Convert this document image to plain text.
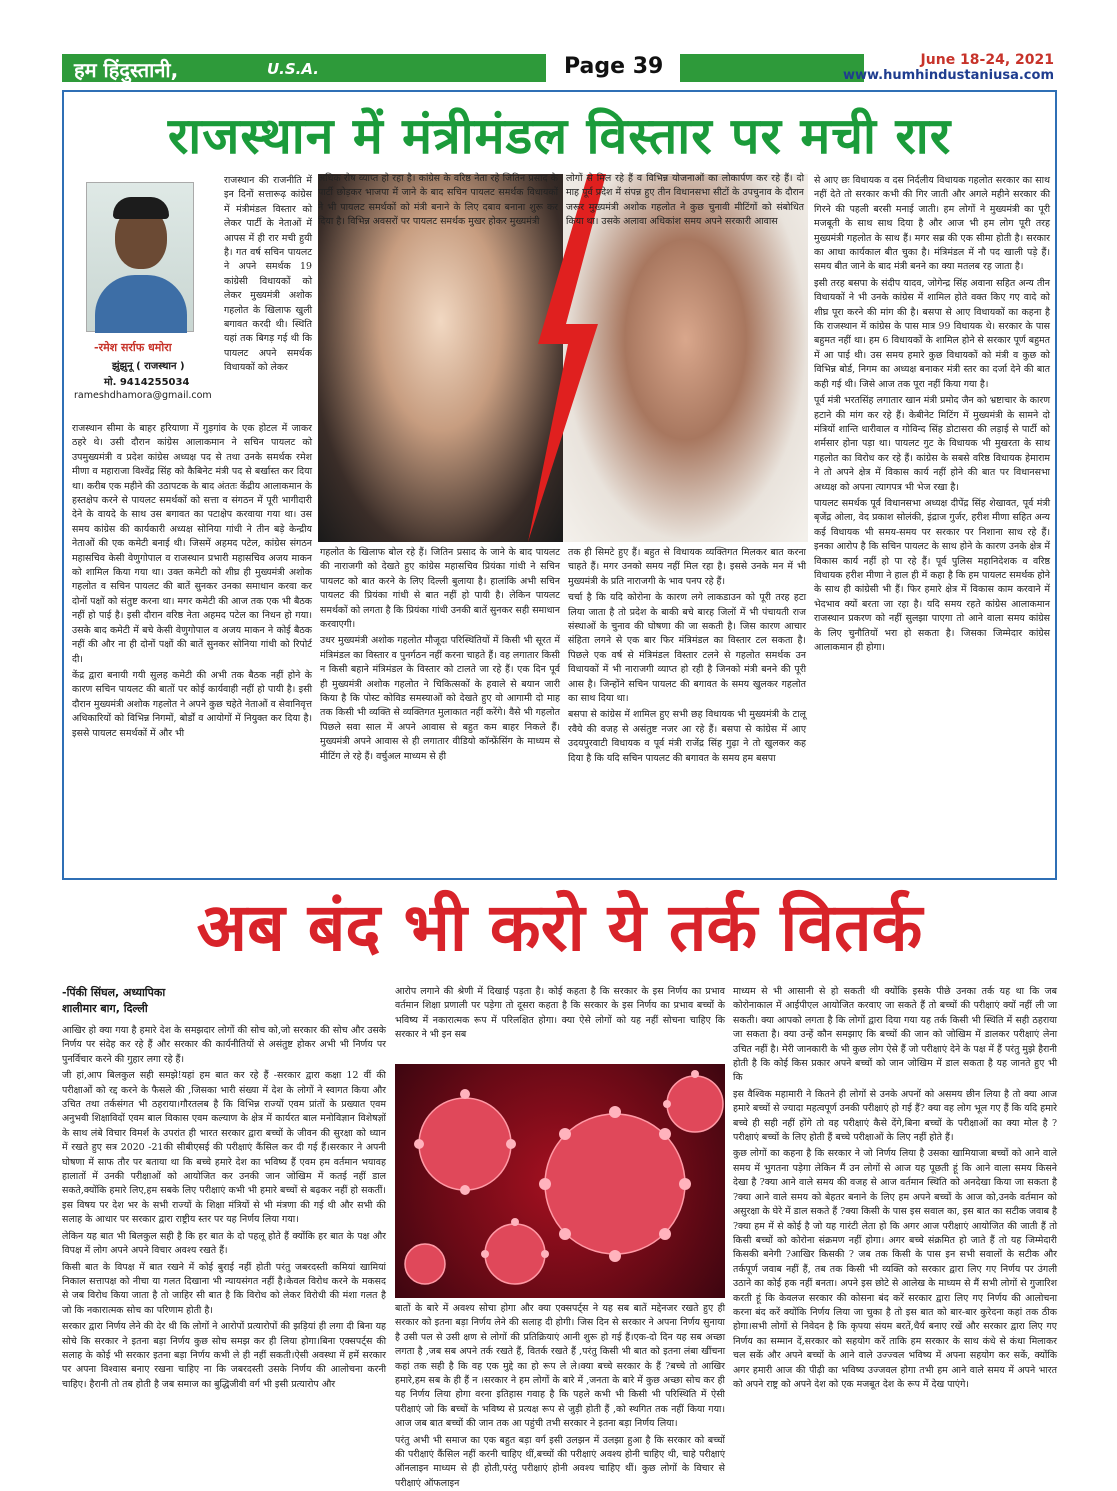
हम हिंदुस्तानी,	U.S.A.	Page 39	June 18-24, 2021
www.humhindustaniusa.com
राजस्थान में मंत्रीमंडल विस्तार पर मची रार
-रमेश सर्राफ धमोरा
झुंझुनू ( राजस्थान )
मो. 9414255034
rameshdhamora@gmail.com

राजस्थान की राजनीति में इन दिनों सत्तारूढ़ कांग्रेस में मंत्रीमंडल विस्तार को लेकर पार्टी के नेताओं में आपस में ही रार मची हुयी है। गत वर्ष सचिन पायलट ने अपने समर्थक 19 कांग्रेसी विधायकों को लेकर मुख्यमंत्री अशोक गहलोत के खिलाफ खुली बगावत करदी थी। स्थिति यहां तक बिगड़ गई थी कि पायलट अपने समर्थक विधायकों को लेकर

राजस्थान सीमा के बाहर हरियाणा में गुड़गांव के एक होटल में जाकर ठहरे थे। उसी दौरान कांग्रेस आलाकमान ने सचिन पायलट को उपमुख्यमंत्री व प्रदेश कांग्रेस अध्यक्ष पद से तथा उनके समर्थक रमेश मीणा व महाराजा विश्वेंद्र सिंह को कैबिनेट मंत्री पद से बर्खास्त कर दिया था। करीब एक महीने की उठापटक के बाद अंततः केंद्रीय आलाकमान के हस्तक्षेप करने से पायलट समर्थकों को सत्ता व संगठन में पूरी भागीदारी देने के वायदे के साथ उस बगावत का पटाक्षेप करवाया गया था। उस समय कांग्रेस की कार्यकारी अध्यक्ष सोनिया गांधी ने तीन बड़े केन्द्रीय नेताओं की एक कमेटी बनाई थी। जिसमें अहमद पटेल, कांग्रेस संगठन महासचिव केसी वेणुगोपाल व राजस्थान प्रभारी महासचिव अजय माकन को शामिल किया गया था। उक्त कमेटी को शीघ्र ही मुख्यमंत्री अशोक गहलोत व सचिन पायलट की बातें सुनकर उनका समाधान करवा कर दोनों पक्षों को संतुष्ट करना था। मगर कमेटी की आज तक एक भी बैठक नहीं हो पाई है। इसी दौरान वरिष्ठ नेता अहमद पटेल का निधन हो गया। उसके बाद कमेटी में बचे केसी वेणुगोपाल व अजय माकन ने कोई बैठक नहीं की और ना ही दोनों पक्षों की बातें सुनकर सोनिया गांधी को रिपोर्ट दी।

केंद्र द्वारा बनायी गयी सुलह कमेटी की अभी तक बैठक नहीं होने के कारण सचिन पायलट की बातों पर कोई कार्यवाही नहीं हो पायी है। इसी दौरान मुख्यमंत्री अशोक गहलोत ने अपने कुछ चहेते नेताओं व सेवानिवृत्त अधिकारियों को विभिन्न निगमों, बोर्डों व आयोगों में नियुक्त कर दिया है। इससे पायलट समर्थकों में और भी

गहलोत के खिलाफ बोल रहे हैं। जितिन प्रसाद के जाने के बाद पायलट की नाराजगी को देखते हुए कांग्रेस महासचिव प्रियंका गांधी ने सचिन पायलट को बात करने के लिए दिल्ली बुलाया है। हालांकि अभी सचिन पायलट की प्रियंका गांधी से बात नहीं हो पायी है। लेकिन पायलट समर्थकों को लगता है कि प्रियंका गांधी उनकी बातें सुनकर सही समाधान करवाएगी।

उधर मुख्यमंत्री अशोक गहलोत मौजूदा परिस्थितियों में किसी भी सूरत में मंत्रिमंडल का विस्तार व पुनर्गठन नहीं करना चाहते हैं। वह लगातार किसी न किसी बहाने मंत्रिमंडल के विस्तार को टालते जा रहे हैं। एक दिन पूर्व ही मुख्यमंत्री अशोक गहलोत ने चिकित्सकों के हवाले से बयान जारी किया है कि पोस्ट कोविड समस्याओं को देखते हुए वो आगामी दो माह तक किसी भी व्यक्ति से व्यक्तिगत मुलाकात नहीं करेंगे। वैसे भी गहलोत पिछले सवा साल में अपने आवास से बहुत कम बाहर निकले हैं। मुख्यमंत्री अपने आवास से ही लगातार वीडियो कॉन्फ्रेंसिंग के माध्यम से मीटिंग ले रहे हैं। वर्चुअल माध्यम से ही

तक ही सिमटे हुए हैं। बहुत से विधायक व्यक्तिगत मिलकर बात करना चाहते हैं। मगर उनको समय नहीं मिल रहा है। इससे उनके मन में भी मुख्यमंत्री के प्रति नाराजगी के भाव पनप रहे हैं।

चर्चा है कि यदि कोरोना के कारण लगे लाकडाउन को पूरी तरह हटा लिया जाता है तो प्रदेश के बाकी बचे बारह जिलों में भी पंचायती राज संस्थाओं के चुनाव की घोषणा की जा सकती है। जिस कारण आचार संहिता लगने से एक बार फिर मंत्रिमंडल का विस्तार टल सकता है। पिछले एक वर्ष से मंत्रिमंडल विस्तार टलने से गहलोत समर्थक उन विधायकों में भी नाराजगी व्याप्त हो रही है जिनको मंत्री बनने की पूरी आस है। जिन्होंने सचिन पायलट की बगावत के समय खुलकर गहलोत का साथ दिया था।

बसपा से कांग्रेस में शामिल हुए सभी छह विधायक भी मुख्यमंत्री के टालू रवैये की वजह से असंतुष्ट नजर आ रहे हैं। बसपा से कांग्रेस में आए उदयपुरवाटी विधायक व पूर्व मंत्री राजेंद्र सिंह गुढ़ा ने तो खुलकर कह दिया है कि यदि सचिन पायलट की बगावत के समय हम बसपा

से आए छः विधायक व दस निर्दलीय विधायक गहलोत सरकार का साथ नहीं देते तो सरकार कभी की गिर जाती और अगले महीने सरकार की गिरने की पहली बरसी मनाई जाती। हम लोगों ने मुख्यमंत्री का पूरी मजबूती के साथ साथ दिया है और आज भी हम लोग पूरी तरह मुख्यमंत्री गहलोत के साथ हैं। मगर सब्र की एक सीमा होती है। सरकार का आधा कार्यकाल बीत चुका है। मंत्रिमंडल में नौ पद खाली पड़े हैं। समय बीत जाने के बाद मंत्री बनने का क्या मतलब रह जाता है।

इसी तरह बसपा के संदीप यादव, जोगेन्द्र सिंह अवाना सहित अन्य तीन विधायकों ने भी उनके कांग्रेस में शामिल होते वक्त किए गए वादे को शीघ्र पूरा करने की मांग की है। बसपा से आए विधायकों का कहना है कि राजस्थान में कांग्रेस के पास मात्र 99 विधायक थे। सरकार के पास बहुमत नहीं था। हम 6 विधायकों के शामिल होने से सरकार पूर्ण बहुमत में आ पाई थी। उस समय हमारे कुछ विधायकों को मंत्री व कुछ को विभिन्न बोर्ड, निगम का अध्यक्ष बनाकर मंत्री स्तर का दर्जा देने की बात कही गई थी। जिसे आज तक पूरा नहीं किया गया है।

पूर्व मंत्री भरतसिंह लगातार खान मंत्री प्रमोद जैन को भ्रष्टाचार के कारण हटाने की मांग कर रहे हैं। केबीनेट मिटिंग में मुख्यमंत्री के सामने दो मंत्रियों शान्ति धारीवाल व गोविन्द सिंह डोटासरा की लड़ाई से पार्टी को शर्मसार होना पड़ा था। पायलट गुट के विधायक भी मुखरता के साथ गहलोत का विरोध कर रहे हैं। कांग्रेस के सबसे वरिष्ठ विधायक हेमाराम ने तो अपने क्षेत्र में विकास कार्य नहीं होने की बात पर विधानसभा अध्यक्ष को अपना त्यागपत्र भी भेज रखा है।

पायलट समर्थक पूर्व विधानसभा अध्यक्ष दीपेंद्र सिंह शेखावत, पूर्व मंत्री बृजेंद्र ओला, वेद प्रकाश सोलंकी, इंद्राज गुर्जर, हरीश मीणा सहित अन्य कई विधायक भी समय-समय पर सरकार पर निशाना साध रहे हैं। इनका आरोप है कि सचिन पायलट के साथ होने के कारण उनके क्षेत्र में विकास कार्य नहीं हो पा रहे हैं। पूर्व पुलिस महानिदेशक व वरिष्ठ विधायक हरीश मीणा ने हाल ही में कहा है कि हम पायलट समर्थक होने के साथ ही कांग्रेसी भी हैं। फिर हमारे क्षेत्र में विकास काम करवाने में भेदभाव क्यों बरता जा रहा है। यदि समय रहते कांग्रेस आलाकमान राजस्थान प्रकरण को नहीं सुलझा पाएगा तो आने वाला समय कांग्रेस के लिए चुनौतियों भरा हो सकता है। जिसका जिम्मेदार कांग्रेस आलाकमान ही होगा।

अधिक रोष व्याप्त हो रहा है। कांग्रेस के वरिष्ठ नेता रहे जितिन प्रसाद के पार्टी छोड़कर भाजपा में जाने के बाद सचिन पायलट समर्थक विधायकों ने भी पायलट समर्थकों को मंत्री बनाने के लिए दबाव बनाना शुरू कर दिया है। विभिन्न अवसरों पर पायलट समर्थक मुखर होकर मुख्यमंत्री

लोगों से मिल रहे हैं व विभिन्न योजनाओं का लोकार्पण कर रहे हैं। दो माह पूर्व प्रदेश में संपन्न हुए तीन विधानसभा सीटों के उपचुनाव के दौरान जरूर मुख्यमंत्री अशोक गहलोत ने कुछ चुनावी मीटिंगों को संबोधित किया था। उसके अलावा अधिकांश समय अपने सरकारी आवास

अब बंद भी करो ये तर्क वितर्क
-पिंकी सिंघल, अध्यापिका
शालीमार बाग, दिल्ली

आखिर हो क्या गया है हमारे देश के समझदार लोगों की सोच को,जो सरकार की सोच और उसके निर्णय पर संदेह कर रहे हैं और सरकार की कार्यनीतियों से असंतुष्ट होकर अभी भी निर्णय पर पुनर्विचार करने की गुहार लगा रहे हैं।

जी हां,आप बिलकुल सही समझे!यहां हम बात कर रहे हैं -सरकार द्वारा कक्षा 12 वीं की परीक्षाओं को रद्द करने के फैसले की ,जिसका भारी संख्या में देश के लोगों ने स्वागत किया और उचित तथा तर्कसंगत भी ठहराया।गौरतलब है कि विभिन्न राज्यों एवम प्रांतों के प्रख्यात एवम अनुभवी शिक्षाविदों एवम बाल विकास एवम कल्याण के क्षेत्र में कार्यरत बाल मनोविज्ञान विशेषज्ञों के साथ लंबे विचार विमर्श के उपरांत ही भारत सरकार द्वारा बच्चों के जीवन की सुरक्षा को ध्यान में रखते हुए सत्र 2020 -21की सीबीएसई की परीक्षाएं कैंसिल कर दी गई हैं।सरकार ने अपनी घोषणा में साफ तौर पर बताया था कि बच्चे हमारे देश का भविष्य हैं एवम हम वर्तमान भयावह हालातों में उनकी परीक्षाओं को आयोजित कर उनकी जान जोखिम में कतई नहीं डाल सकते,क्योंकि हमारे लिए,हम सबके लिए परीक्षाएं कभी भी हमारे बच्चों से बढ़कर नहीं हो सकतीं।इस विषय पर देश भर के सभी राज्यों के शिक्षा मंत्रियों से भी मंत्रणा की गई थी और सभी की सलाह के आधार पर सरकार द्वारा राष्ट्रीय स्तर पर यह निर्णय लिया गया।

लेकिन यह बात भी बिलकुल सही है कि हर बात के दो पहलू होते हैं क्योंकि हर बात के पक्ष और विपक्ष में लोग अपने अपने विचार अवश्य रखते हैं।

किसी बात के विपक्ष में बात रखने में कोई बुराई नहीं होती परंतु जबरदस्ती कमियां खामियां निकाल सत्तापक्ष को नीचा या गलत दिखाना भी न्यायसंगत नहीं है।केवल विरोध करने के मकसद से जब विरोध किया जाता है तो जाहिर सी बात है कि विरोध को लेकर विरोधी की मंशा गलत है जो कि नकारात्मक सोच का परिणाम होती है।

सरकार द्वारा निर्णय लेने की देर थी कि लोगों ने आरोपों प्रत्यारोपों की झड़ियां ही लगा दी बिना यह सोचे कि सरकार ने इतना बड़ा निर्णय कुछ सोच समझ कर ही लिया होगा।बिना एक्सपर्ट्स की सलाह के कोई भी सरकार इतना बड़ा निर्णय कभी ले ही नहीं सकती।ऐसी अवस्था में हमें सरकार पर अपना विश्वास बनाए रखना चाहिए ना कि जबरदस्ती उसके निर्णय की आलोचना करनी चाहिए। हैरानी तो तब होती है जब समाज का बुद्धिजीवी वर्ग भी इसी प्रत्यारोप और

आरोप लगाने की श्रेणी में दिखाई पड़ता है। कोई कहता है कि सरकार के इस निर्णय का प्रभाव वर्तमान शिक्षा प्रणाली पर पड़ेगा तो दूसरा कहता है कि सरकार के इस निर्णय का प्रभाव बच्चों के भविष्य में नकारात्मक रूप में परिलक्षित होगा। क्या ऐसे लोगों को यह नहीं सोचना चाहिए कि सरकार ने भी इन सब

बातों के बारे में अवश्य सोचा होगा और क्या एक्सपर्ट्स ने यह सब बातें मद्देनजर रखते हुए ही सरकार को इतना बड़ा निर्णय लेने की सलाह दी होगी। जिस दिन से सरकार ने अपना निर्णय सुनाया है उसी पल से उसी क्षण से लोगों की प्रतिक्रियाएं आनी शुरू हो गई हैं।एक-दो दिन यह सब अच्छा लगता है ,जब सब अपने तर्क रखते हैं, वितर्क रखते हैं ,परंतु किसी भी बात को इतना लंबा खींचना कहां तक सही है कि वह एक मुद्दे का हो रूप ले ले।क्या बच्चे सरकार के हैं ?बच्चे तो आखिर हमारे,हम सब के ही हैं न ।सरकार ने हम लोगों के बारे में ,जनता के बारे में कुछ अच्छा सोच कर ही यह निर्णय लिया होगा वरना इतिहास गवाह है कि पहले कभी भी किसी भी परिस्थिति में ऐसी परीक्षाएं जो कि बच्चों के भविष्य से प्रत्यक्ष रूप से जुड़ी होती हैं ,को स्थगित तक नहीं किया गया। आज जब बात बच्चों की जान तक आ पहुंची तभी सरकार ने इतना बड़ा निर्णय लिया।

परंतु अभी भी समाज का एक बहुत बड़ा वर्ग इसी उलझन में उलझा हुआ है कि सरकार को बच्चों की परीक्षाएं कैंसिल नहीं करनी चाहिए थीं,बच्चों की परीक्षाएं अवश्य होनी चाहिए थी, चाहे परीक्षाएं ऑनलाइन माध्यम से ही होती,परंतु परीक्षाएं होनी अवश्य चाहिए थीं। कुछ लोगों के विचार से परीक्षाएं ऑफलाइन

माध्यम से भी आसानी से हो सकती थी क्योंकि इसके पीछे उनका तर्क यह था कि जब कोरोनाकाल में आईपीएल आयोजित करवाए जा सकते हैं तो बच्चों की परीक्षाएं क्यों नहीं ली जा सकती। क्या आपको लगता है कि लोगों द्वारा दिया गया यह तर्क किसी भी स्थिति में सही ठहराया जा सकता है। क्या उन्हें कौन समझाए कि बच्चों की जान को जोखिम में डालकर परीक्षाएं लेना उचित नहीं है। मेरी जानकारी के भी कुछ लोग ऐसे हैं जो परीक्षाएं देने के पक्ष में हैं परंतु मुझे हैरानी होती है कि कोई किस प्रकार अपने बच्चों को जान जोखिम में डाल सकता है यह जानते हुए भी कि

इस वैश्विक महामारी ने कितने ही लोगों से उनके अपनों को असमय छीन लिया है तो क्या आज हमारे बच्चों से ज्यादा महत्वपूर्ण उनकी परीक्षाएं हो गई हैं? क्या वह लोग भूल गए हैं कि यदि हमारे बच्चे ही सही नहीं होंगे तो वह परीक्षाएं कैसे देंगे,बिना बच्चों के परीक्षाओं का क्या मोल है ?परीक्षाएं बच्चों के लिए होती हैं बच्चे परीक्षाओं के लिए नहीं होते हैं।

कुछ लोगों का कहना है कि सरकार ने जो निर्णय लिया है उसका खामियाजा बच्चों को आने वाले समय में भुगतना पड़ेगा लेकिन मैं उन लोगों से आज यह पूछती हूं कि आने वाला समय किसने देखा है ?क्या आने वाले समय की वजह से आज वर्तमान स्थिति को अनदेखा किया जा सकता है ?क्या आने वाले समय को बेहतर बनाने के लिए हम अपने बच्चों के आज को,उनके वर्तमान को असुरक्षा के घेरे में डाल सकते हैं ?क्या किसी के पास इस सवाल का, इस बात का सटीक जवाब है ?क्या हम में से कोई है जो यह गारंटी लेता हो कि अगर आज परीक्षाएं आयोजित की जाती हैं तो किसी बच्चों को कोरोना संक्रमण नहीं होगा। अगर बच्चे संक्रमित हो जाते हैं तो यह जिम्मेदारी किसकी बनेगी ?आखिर किसकी ? जब तक किसी के पास इन सभी सवालों के सटीक और तर्कपूर्ण जवाब नहीं हैं, तब तक किसी भी व्यक्ति को सरकार द्वारा लिए गए निर्णय पर उंगली उठाने का कोई हक नहीं बनता। अपने इस छोटे से आलेख के माध्यम से मैं सभी लोगों से गुजारिश करती हूं कि केवलज सरकार की कोसना बंद करें सरकार द्वारा लिए गए निर्णय की आलोचना करना बंद करें क्योंकि निर्णय लिया जा चुका है तो इस बात को बार-बार कुरेदना कहां तक ठीक होगा।सभी लोगों से निवेदन है कि कृपया संयम बरतें,धैर्य बनाए रखें और सरकार द्वारा लिए गए निर्णय का सम्मान दें,सरकार को सहयोग करें ताकि हम सरकार के साथ कंधे से कंधा मिलाकर चल सकें और अपने बच्चों के आने वाले उज्ज्वल भविष्य में अपना सहयोग कर सकें, क्योंकि अगर हमारी आज की पीढ़ी का भविष्य उज्जवल होगा तभी हम आने वाले समय में अपने भारत को अपने राष्ट्र को अपने देश को एक मजबूत देश के रूप में देख पाएंगे।
